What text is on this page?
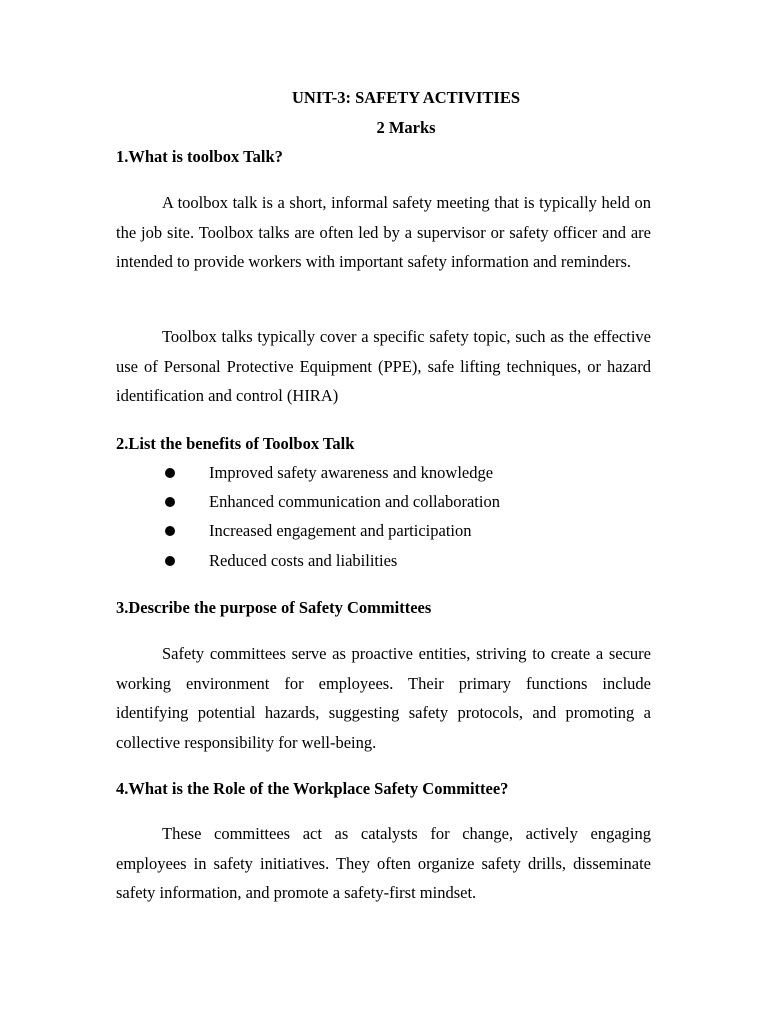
UNIT-3: SAFETY ACTIVITIES

2 Marks

1.What is toolbox Talk?

A toolbox talk is a short, informal safety meeting that is typically held on the job site. Toolbox talks are often led by a supervisor or safety officer and are intended to provide workers with important safety information and reminders.

Toolbox talks typically cover a specific safety topic, such as the effective use of Personal Protective Equipment (PPE), safe lifting techniques, or hazard identification and control (HIRA)

2.List the benefits of Toolbox Talk

Improved safety awareness and knowledge
Enhanced communication and collaboration
Increased engagement and participation
Reduced costs and liabilities

3.Describe the purpose of Safety Committees

Safety committees serve as proactive entities, striving to create a secure working environment for employees. Their primary functions include identifying potential hazards, suggesting safety protocols, and promoting a collective responsibility for well-being.

4.What is the Role of the Workplace Safety Committee?

These committees act as catalysts for change, actively engaging employees in safety initiatives. They often organize safety drills, disseminate safety information, and promote a safety-first mindset.
